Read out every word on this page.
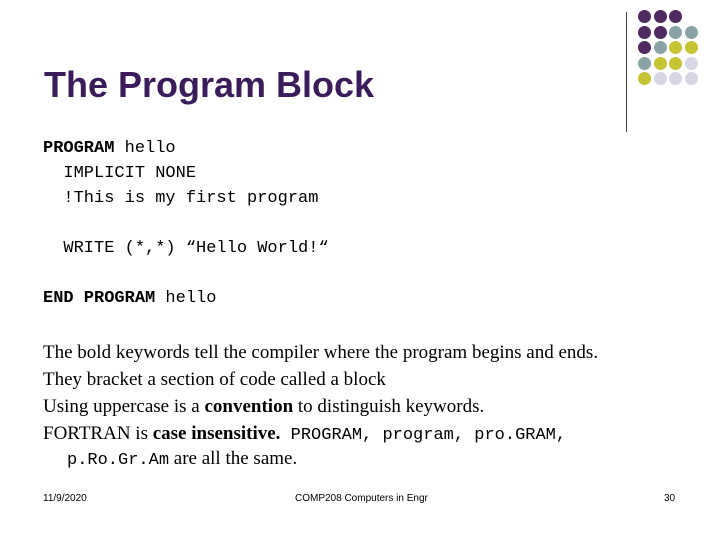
The Program Block
PROGRAM hello
IMPLICIT NONE
!This is my first program
WRITE (*,*) “Hello World!“
END PROGRAM hello
The bold keywords tell the compiler where the program begins and ends.
They bracket a section of code called a block
Using uppercase is a convention to distinguish keywords.
FORTRAN is case insensitive. PROGRAM, program, pro.GRAM,
p.Ro.Gr.Am are all the same.
11/9/2020	COMP208 Computers in Engr	30
